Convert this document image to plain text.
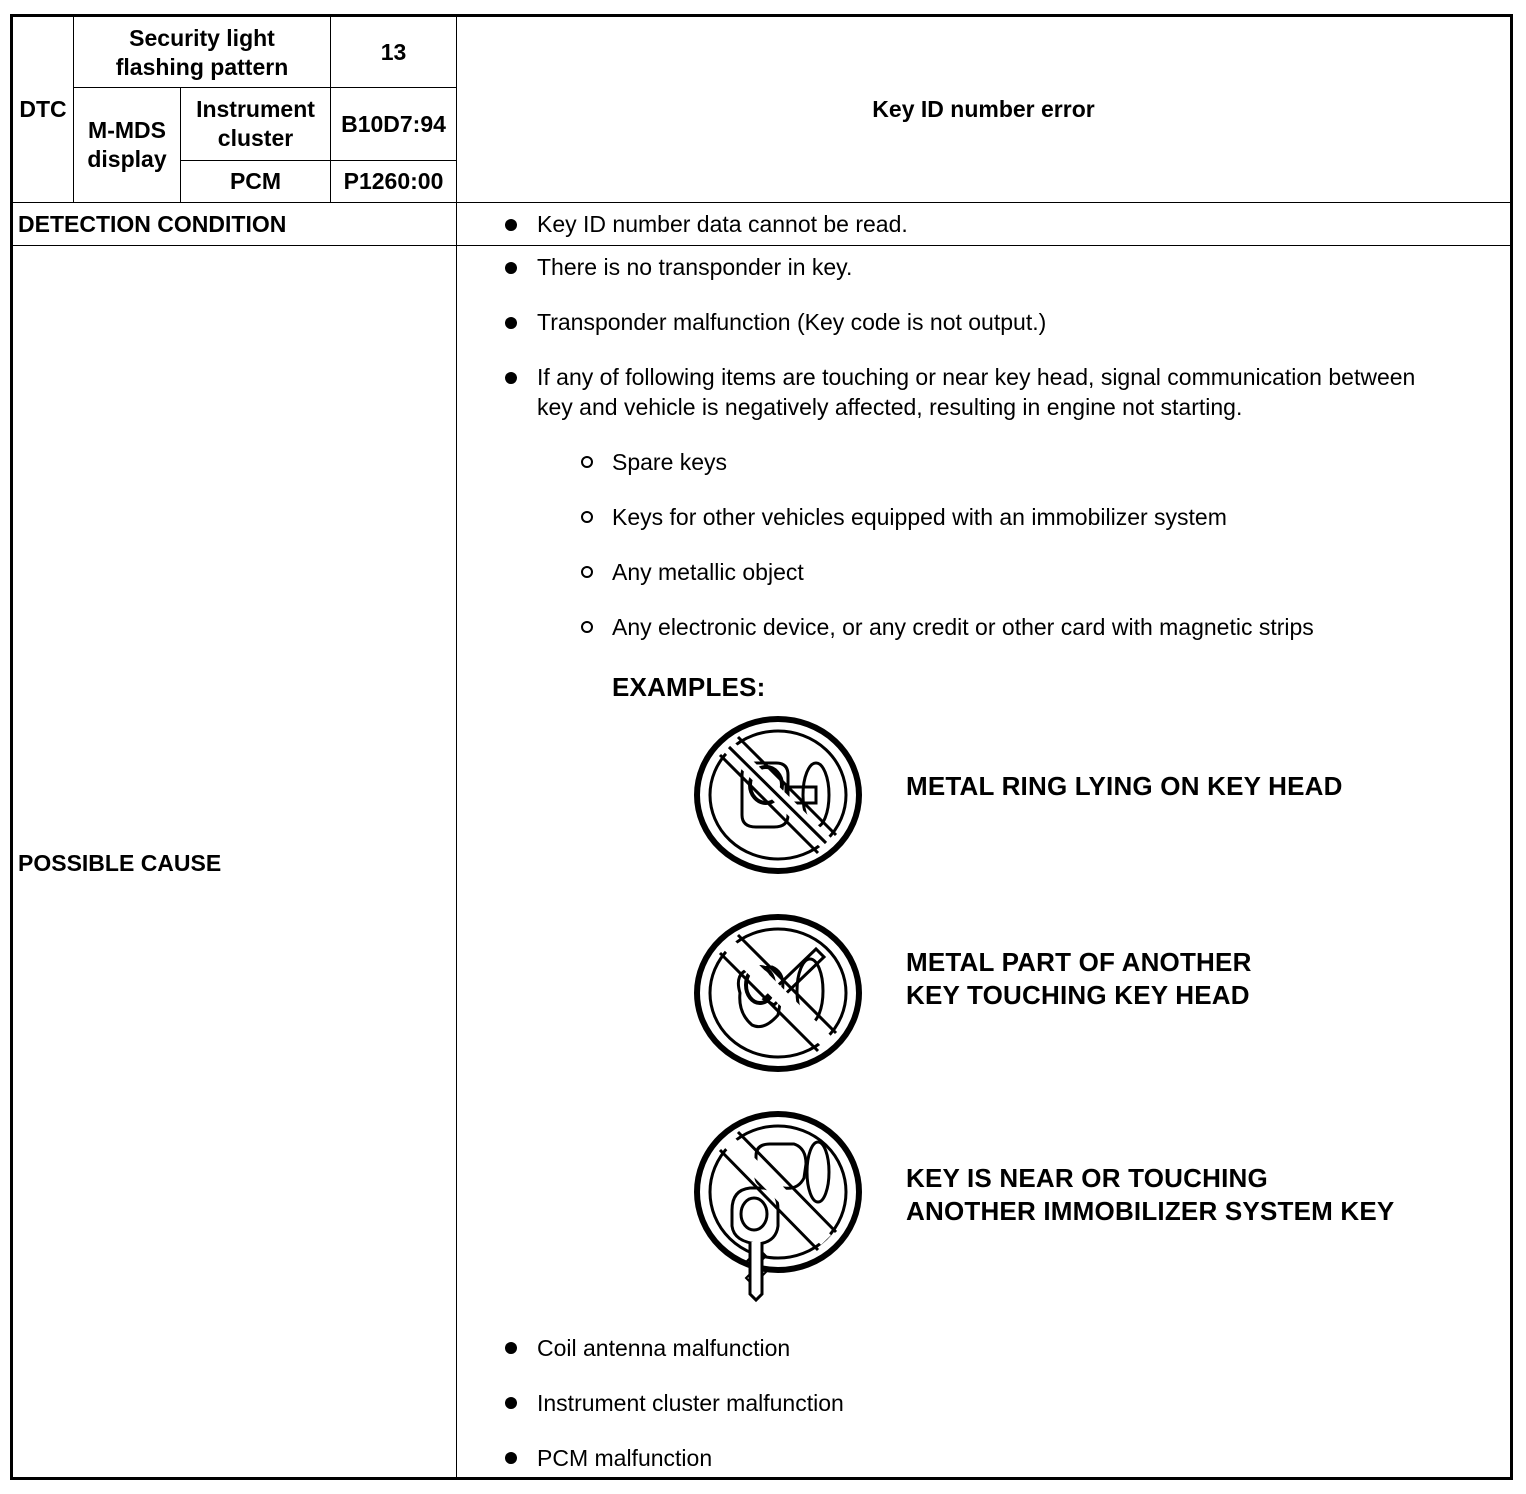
DTC
Security light flashing pattern
13
M-MDS display
Instrument cluster
B10D7:94
PCM	P1260:00
Key ID number error
DETECTION CONDITION	Key ID number data cannot be read.
POSSIBLE CAUSE
There is no transponder in key.
Transponder malfunction (Key code is not output.)
If any of following items are touching or near key head, signal communication between key and vehicle is negatively affected, resulting in engine not starting.
Spare keys
Keys for other vehicles equipped with an immobilizer system
Any metallic object
Any electronic device, or any credit or other card with magnetic strips
EXAMPLES:
METAL RING LYING ON KEY HEAD
METAL PART OF ANOTHER
KEY TOUCHING KEY HEAD
KEY IS NEAR OR TOUCHING
ANOTHER IMMOBILIZER SYSTEM KEY
Coil antenna malfunction
Instrument cluster malfunction
PCM malfunction
